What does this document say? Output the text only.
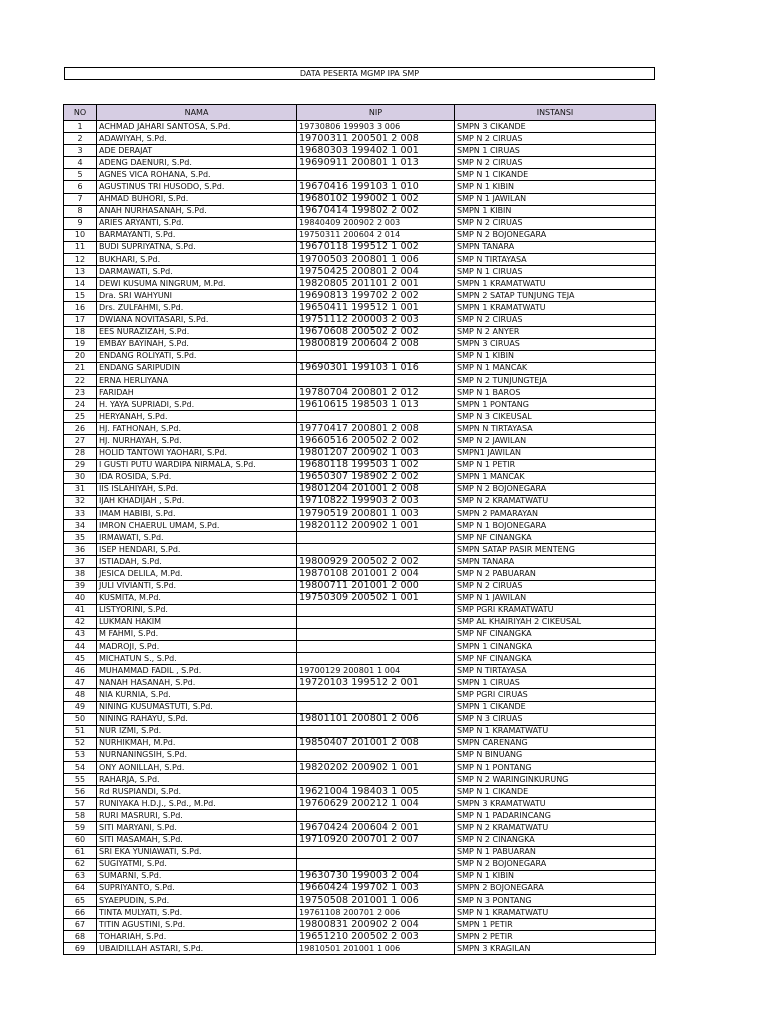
DATA PESERTA MGMP IPA SMP
NO	NAMA	NIP	INSTANSI
1	ACHMAD JAHARI SANTOSA, S.Pd.	19730806 199903 3 006	SMPN 3 CIKANDE
2	ADAWIYAH, S.Pd.	19700311 200501 2 008	SMP N 2 CIRUAS
3	ADE DERAJAT	19680303 199402 1 001	SMPN 1 CIRUAS
4	ADENG DAENURI, S.Pd.	19690911 200801 1 013	SMP N 2 CIRUAS
5	AGNES VICA ROHANA, S.Pd.		SMP N 1 CIKANDE
6	AGUSTINUS TRI HUSODO, S.Pd.	19670416 199103 1 010	SMP N 1 KIBIN
7	AHMAD BUHORI, S.Pd.	19680102 199002 1 002	SMP N 1 JAWILAN
8	ANAH NURHASANAH, S.Pd.	19670414 199802 2 002	SMPN 1 KIBIN
9	ARIES ARYANTI, S.Pd.	19840409 200902 2 003	SMP N 2 CIRUAS
10	BARMAYANTI, S.Pd.	19750311 200604 2 014	SMP N 2 BOJONEGARA
11	BUDI SUPRIYATNA, S.Pd.	19670118 199512 1 002	SMPN TANARA
12	BUKHARI, S.Pd.	19700503 200801 1 006	SMP N TIRTAYASA
13	DARMAWATI, S.Pd.	19750425 200801 2 004	SMP N 1 CIRUAS
14	DEWI KUSUMA NINGRUM, M.Pd.	19820805 201101 2 001	SMPN 1 KRAMATWATU
15	Dra. SRI WAHYUNI	19690813 199702 2 002	SMPN 2 SATAP TUNJUNG TEJA
16	Drs. ZULFAHMI, S.Pd.	19650411 199512 1 001	SMPN 1 KRAMATWATU
17	DWIANA NOVITASARI, S.Pd.	19751112 200003 2 003	SMP N 2 CIRUAS
18	EES NURAZIZAH, S.Pd.	19670608 200502 2 002	SMP N 2 ANYER
19	EMBAY BAYINAH, S.Pd.	19800819 200604 2 008	SMPN 3 CIRUAS
20	ENDANG ROLIYATI, S.Pd.		SMP N 1 KIBIN
21	ENDANG SARIPUDIN	19690301 199103 1 016	SMP N 1 MANCAK
22	ERNA HERLIYANA		SMP N 2 TUNJUNGTEJA
23	FARIDAH	19780704 200801 2 012	SMP N 1 BAROS
24	H. YAYA SUPRIADI, S.Pd.	19610615 198503 1 013	SMPN 1 PONTANG
25	HERYANAH, S.Pd.		SMP N 3 CIKEUSAL
26	HJ. FATHONAH, S.Pd.	19770417 200801 2 008	SMPN N TIRTAYASA
27	HJ. NURHAYAH, S.Pd.	19660516 200502 2 002	SMP N 2 JAWILAN
28	HOLID TANTOWI YAOHARI, S.Pd.	19801207 200902 1 003	SMPN1 JAWILAN
29	I GUSTI PUTU WARDIPA NIRMALA, S.Pd.	19680118 199503 1 002	SMP N 1 PETIR
30	IDA ROSIDA, S.Pd.	19650307 198902 2 002	SMPN 1 MANCAK
31	IIS ISLAHIYAH, S.Pd.	19801204 201001 2 008	SMP N 2 BOJONEGARA
32	IJAH KHADIJAH , S.Pd.	19710822 199903 2 003	SMP N 2 KRAMATWATU
33	IMAM HABIBI, S.Pd.	19790519 200801 1 003	SMPN 2 PAMARAYAN
34	IMRON CHAERUL UMAM, S.Pd.	19820112 200902 1 001	SMP N 1 BOJONEGARA
35	IRMAWATI, S.Pd.		SMP NF CINANGKA
36	ISEP HENDARI, S.Pd.		SMPN SATAP PASIR MENTENG
37	ISTIADAH, S.Pd.	19800929 200502 2 002	SMPN TANARA
38	JESICA DELILA, M.Pd.	19870108 201001 2 004	SMP N 2 PABUARAN
39	JULI VIVIANTI, S.Pd.	19800711 201001 2 000	SMP N 2 CIRUAS
40	KUSMITA, M.Pd.	19750309 200502 1 001	SMP N 1 JAWILAN
41	LISTYORINI, S.Pd.		SMP PGRI KRAMATWATU
42	LUKMAN HAKIM		SMP AL KHAIRIYAH 2 CIKEUSAL
43	M FAHMI, S.Pd.		SMP NF CINANGKA
44	MADROJI, S.Pd.		SMPN 1 CINANGKA
45	MICHATUN S., S.Pd.		SMP NF CINANGKA
46	MUHAMMAD FADIL , S.Pd.	19700129 200801 1 004	SMP N TIRTAYASA
47	NANAH HASANAH, S.Pd.	19720103 199512 2 001	SMPN 1 CIRUAS
48	NIA KURNIA, S.Pd.		SMP PGRI CIRUAS
49	NINING KUSUMASTUTI, S.Pd.		SMPN 1 CIKANDE
50	NINING RAHAYU, S.Pd.	19801101 200801 2 006	SMP N 3 CIRUAS
51	NUR IZMI, S.Pd.		SMP N 1 KRAMATWATU
52	NURHIKMAH, M.Pd.	19850407 201001 2 008	SMPN CARENANG
53	NURNANINGSIH, S.Pd.		SMP N BINUANG
54	ONY AONILLAH, S.Pd.	19820202 200902 1 001	SMP N 1 PONTANG
55	RAHARJA, S.Pd.		SMP N 2 WARINGINKURUNG
56	Rd RUSPIANDI, S.Pd.	19621004 198403 1 005	SMP N 1 CIKANDE
57	RUNIYAKA H.D.J., S.Pd., M.Pd.	19760629 200212 1 004	SMPN 3 KRAMATWATU
58	RURI MASRURI, S.Pd.		SMP N 1 PADARINCANG
59	SITI MARYANI, S.Pd.	19670424 200604 2 001	SMP N 2 KRAMATWATU
60	SITI MASAMAH, S.Pd.	19710920 200701 2 007	SMP N 2 CINANGKA
61	SRI EKA YUNIAWATI, S.Pd.		SMP N 1 PABUARAN
62	SUGIYATMI, S.Pd.		SMP N 2 BOJONEGARA
63	SUMARNI, S.Pd.	19630730 199003 2 004	SMP N 1 KIBIN
64	SUPRIYANTO, S.Pd.	19660424 199702 1 003	SMPN 2 BOJONEGARA
65	SYAEPUDIN, S.Pd.	19750508 201001 1 006	SMP N 3 PONTANG
66	TINTA MULYATI, S.Pd.	19761108 200701 2 006	SMP N 1 KRAMATWATU
67	TITIN AGUSTINI, S.Pd.	19800831 200902 2 004	SMPN 1 PETIR
68	TOHARIAH, S.Pd.	19651210 200502 2 003	SMPN 2 PETIR
69	UBAIDILLAH ASTARI, S.Pd.	19810501 201001 1 006	SMPN 3 KRAGILAN
